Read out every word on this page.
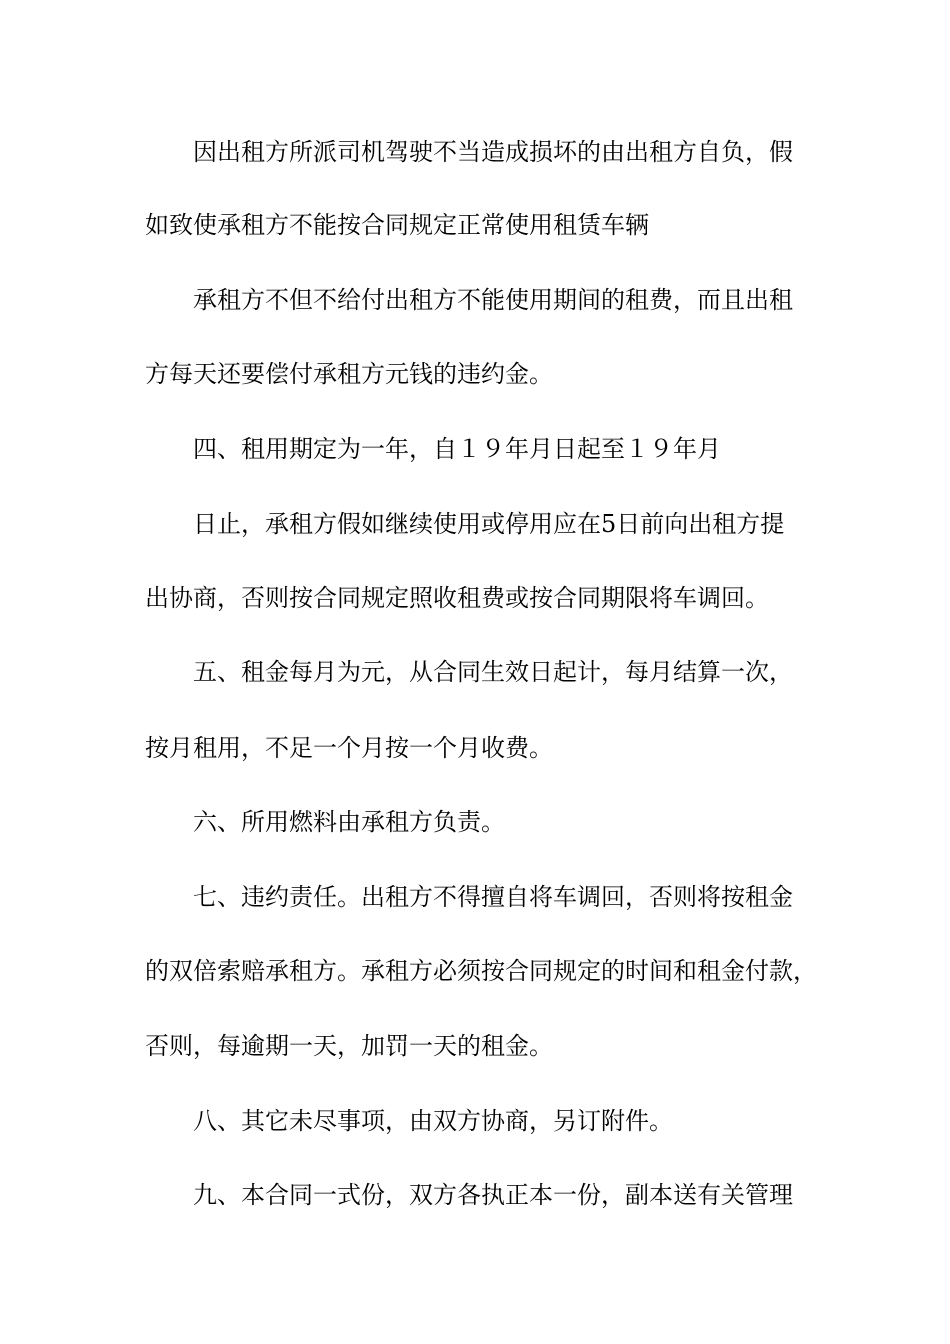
因出租方所派司机驾驶不当造成损坏的由出租方自负，假
如致使承租方不能按合同规定正常使用租赁车辆
承租方不但不给付出租方不能使用期间的租费，而且出租
方每天还要偿付承租方元钱的违约金。
四、租用期定为一年，自１９年月日起至１９年月
日止，承租方假如继续使用或停用应在5日前向出租方提
出协商，否则按合同规定照收租费或按合同期限将车调回。
五、租金每月为元，从合同生效日起计，每月结算一次，
按月租用，不足一个月按一个月收费。
六、所用燃料由承租方负责。
七、违约责任。出租方不得擅自将车调回，否则将按租金
的双倍索赔承租方。承租方必须按合同规定的时间和租金付款，
否则，每逾期一天，加罚一天的租金。
八、其它未尽事项，由双方协商，另订附件。
九、本合同一式份，双方各执正本一份，副本送有关管理
